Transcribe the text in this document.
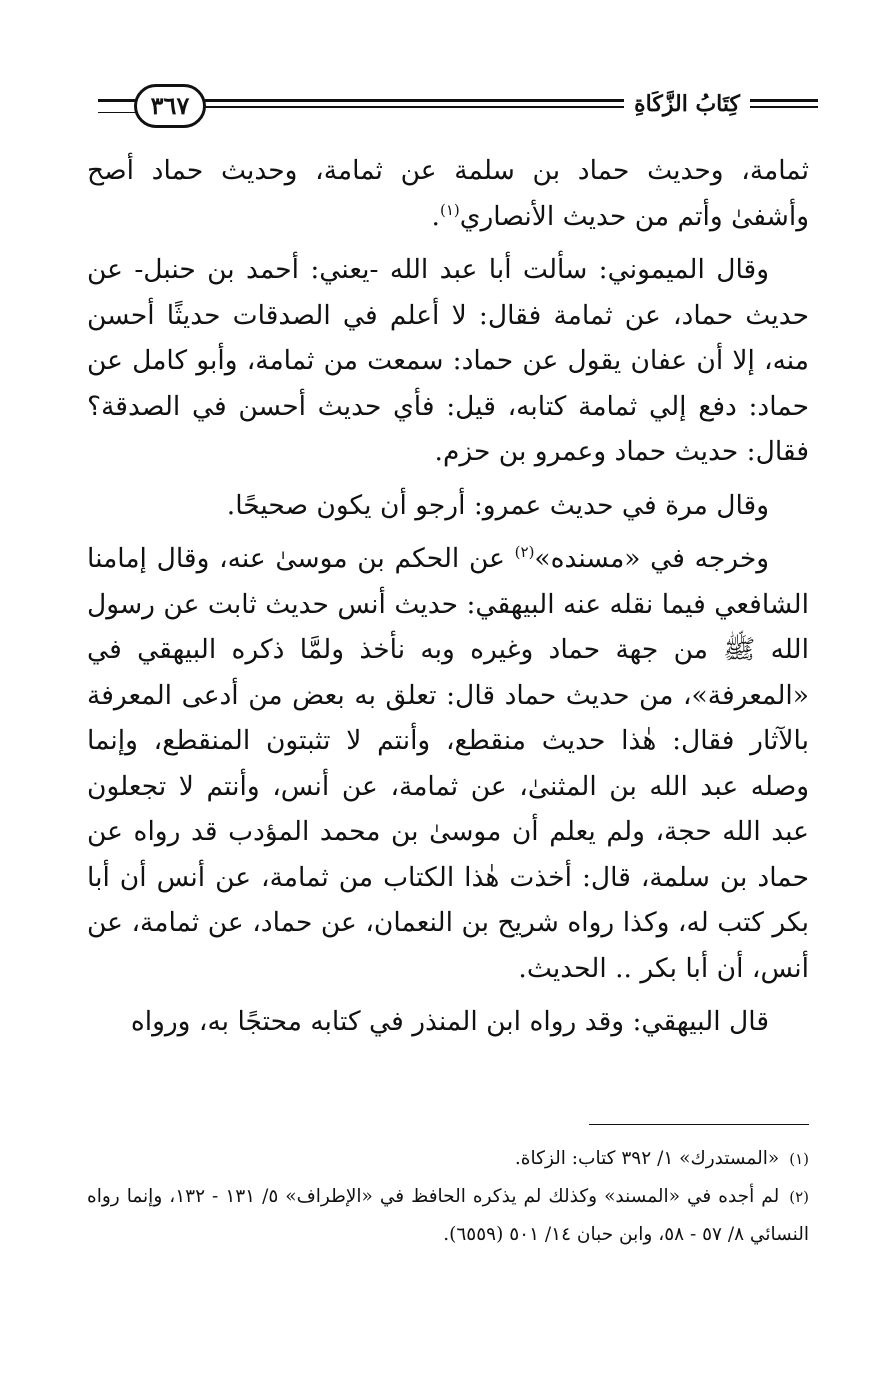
كِتَابُ الزَّكَاةِ
٣٦٧

ثمامة، وحديث حماد بن سلمة عن ثمامة، وحديث حماد أصح وأشفىٰ وأتم من حديث الأنصاري$^{(١)}$.

وقال الميموني: سألت أبا عبد الله -يعني: أحمد بن حنبل- عن حديث حماد، عن ثمامة فقال: لا أعلم في الصدقات حديثًا أحسن منه، إلا أن عفان يقول عن حماد: سمعت من ثمامة، وأبو كامل عن حماد: دفع إلي ثمامة كتابه، قيل: فأي حديث أحسن في الصدقة؟ فقال: حديث حماد وعمرو بن حزم.

وقال مرة في حديث عمرو: أرجو أن يكون صحيحًا.

وخرجه في «مسنده»$^{(٢)}$ عن الحكم بن موسىٰ عنه، وقال إمامنا الشافعي فيما نقله عنه البيهقي: حديث أنس حديث ثابت عن رسول الله ﷺ من جهة حماد وغيره وبه نأخذ ولمَّا ذكره البيهقي في «المعرفة»، من حديث حماد قال: تعلق به بعض من أدعى المعرفة بالآثار فقال: هٰذا حديث منقطع، وأنتم لا تثبتون المنقطع، وإنما وصله عبد الله بن المثنىٰ، عن ثمامة، عن أنس، وأنتم لا تجعلون عبد الله حجة، ولم يعلم أن موسىٰ بن محمد المؤدب قد رواه عن حماد بن سلمة، قال: أخذت هٰذا الكتاب من ثمامة، عن أنس أن أبا بكر كتب له، وكذا رواه شريح بن النعمان، عن حماد، عن ثمامة، عن أنس، أن أبا بكر .. الحديث.

قال البيهقي: وقد رواه ابن المنذر في كتابه محتجًا به، ورواه

(١)«المستدرك» ١/ ٣٩٢ كتاب: الزكاة.

(٢)لم أجده في «المسند» وكذلك لم يذكره الحافظ في «الإطراف» ٥/ ١٣١ - ١٣٢، وإنما رواه النسائي ٨/ ٥٧ - ٥٨، وابن حبان ١٤/ ٥٠١ (٦٥٥٩).
